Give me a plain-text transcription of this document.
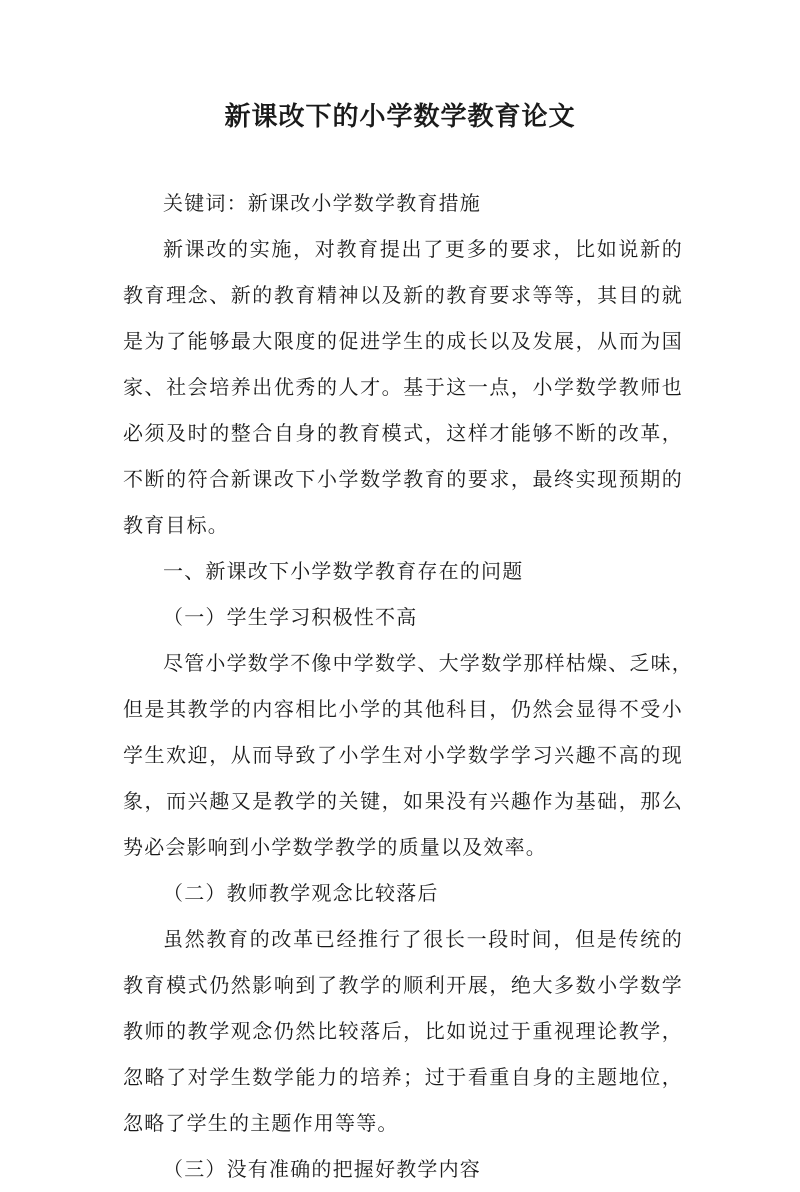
新课改下的小学数学教育论文
关键词：新课改小学数学教育措施
新课改的实施，对教育提出了更多的要求，比如说新的
教育理念、新的教育精神以及新的教育要求等等，其目的就
是为了能够最大限度的促进学生的成长以及发展，从而为国
家、社会培养出优秀的人才。基于这一点，小学数学教师也
必须及时的整合自身的教育模式，这样才能够不断的改革，
不断的符合新课改下小学数学教育的要求，最终实现预期的
教育目标。
一、新课改下小学数学教育存在的问题
（一）学生学习积极性不高
尽管小学数学不像中学数学、大学数学那样枯燥、乏味，
但是其教学的内容相比小学的其他科目，仍然会显得不受小
学生欢迎，从而导致了小学生对小学数学学习兴趣不高的现
象，而兴趣又是教学的关键，如果没有兴趣作为基础，那么
势必会影响到小学数学教学的质量以及效率。
（二）教师教学观念比较落后
虽然教育的改革已经推行了很长一段时间，但是传统的
教育模式仍然影响到了教学的顺利开展，绝大多数小学数学
教师的教学观念仍然比较落后，比如说过于重视理论教学，
忽略了对学生数学能力的培养；过于看重自身的主题地位，
忽略了学生的主题作用等等。
（三）没有准确的把握好教学内容
